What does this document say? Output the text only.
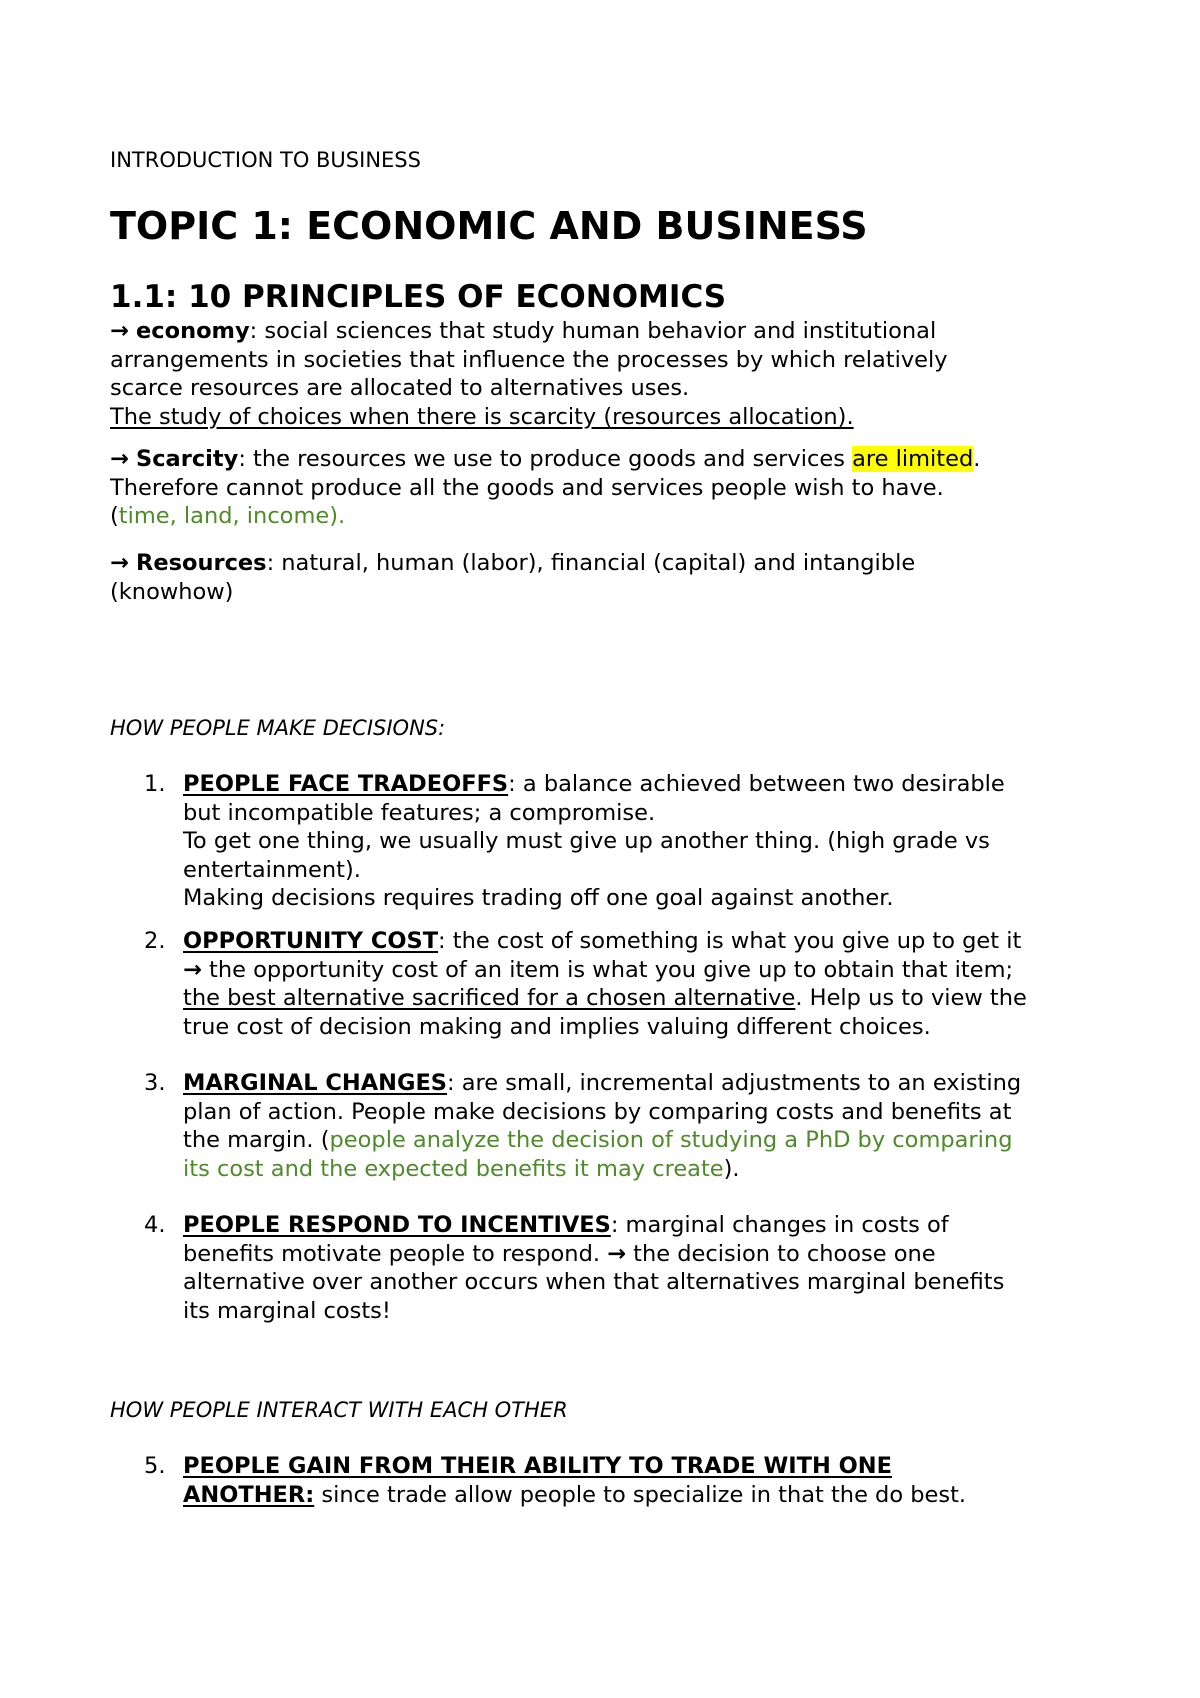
INTRODUCTION TO BUSINESS
TOPIC 1: ECONOMIC AND BUSINESS
1.1: 10 PRINCIPLES OF ECONOMICS
→ economy: social sciences that study human behavior and institutional
arrangements in societies that influence the processes by which relatively
scarce resources are allocated to alternatives uses.
The study of choices when there is scarcity (resources allocation).
→ Scarcity: the resources we use to produce goods and services are limited.
Therefore cannot produce all the goods and services people wish to have.
(time, land, income).
→ Resources: natural, human (labor), financial (capital) and intangible
(knowhow)
HOW PEOPLE MAKE DECISIONS:
1. PEOPLE FACE TRADEOFFS: a balance achieved between two desirable
but incompatible features; a compromise.
To get one thing, we usually must give up another thing. (high grade vs
entertainment).
Making decisions requires trading off one goal against another.
2. OPPORTUNITY COST: the cost of something is what you give up to get it
→ the opportunity cost of an item is what you give up to obtain that item;
the best alternative sacrificed for a chosen alternative. Help us to view the
true cost of decision making and implies valuing different choices.
3. MARGINAL CHANGES: are small, incremental adjustments to an existing
plan of action. People make decisions by comparing costs and benefits at
the margin. (people analyze the decision of studying a PhD by comparing
its cost and the expected benefits it may create).
4. PEOPLE RESPOND TO INCENTIVES: marginal changes in costs of
benefits motivate people to respond. → the decision to choose one
alternative over another occurs when that alternatives marginal benefits
its marginal costs!
HOW PEOPLE INTERACT WITH EACH OTHER
5. PEOPLE GAIN FROM THEIR ABILITY TO TRADE WITH ONE
ANOTHER: since trade allow people to specialize in that the do best.
